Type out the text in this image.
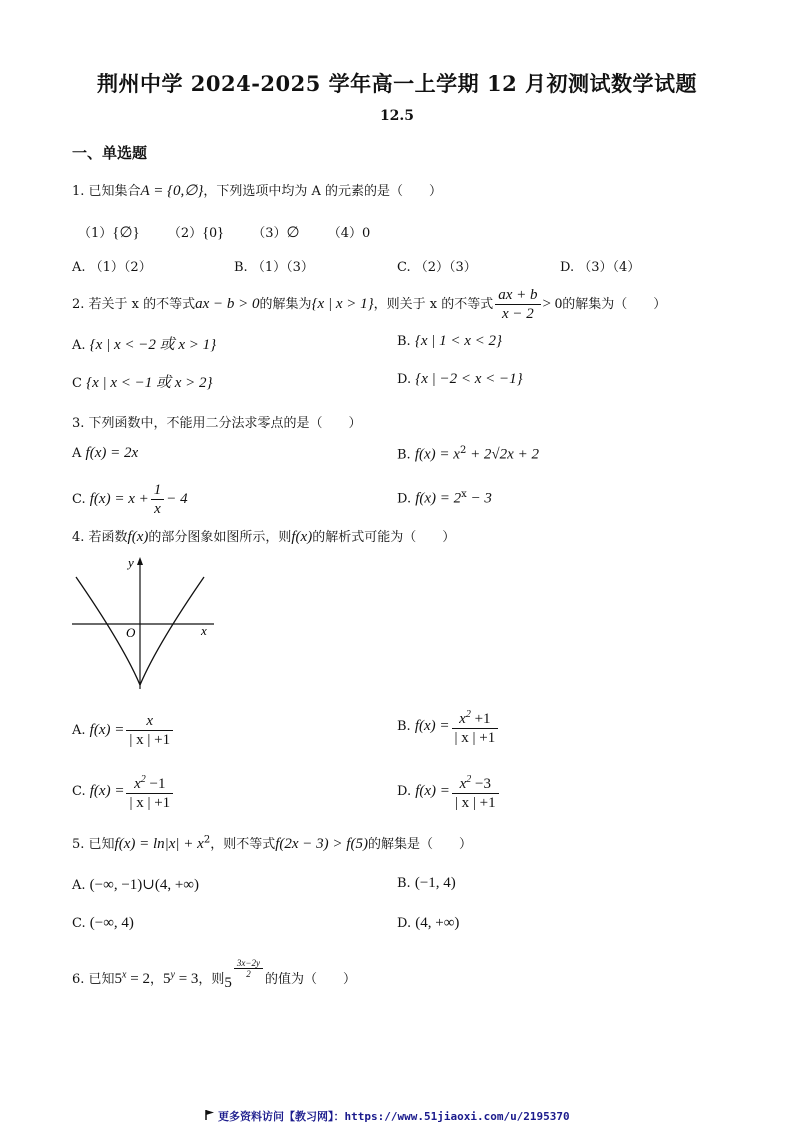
荆州中学 2024-2025 学年高一上学期 12 月初测试数学试题
12.5
一、单选题
1. 已知集合A = {0,∅}，下列选项中均为 A 的元素的是（　　）
（1）{∅} （2）{0} （3）∅ （4）0
A. （1）（2）	B. （1）（3）	C. （2）（3）	D. （3）（4）
2. 若关于 x 的不等式ax − b > 0的解集为{x | x > 1}，则关于 x 的不等式 $\frac{ax + b}{x - 2} > 0$的解集为（　　）
A. {x | x < −2 或 x > 1}	B. {x | 1 < x < 2}
C {x | x < −1 或 x > 2}	D. {x | −2 < x < −1}
3. 下列函数中，不能用二分法求零点的是（　　）
A f(x) = 2x	B. $f(x) = x^2 + 2√2x + 2$
C. $f(x) = x + \frac{1}{x} - 4$	D. $f(x) = 2^x - 3$
4. 若函数f(x)的部分图象如图所示，则f(x)的解析式可能为（　　）
y
x
O
A. $f(x) = \frac{x}{| x | +1}$	B. $f(x) = \frac{x^2 +1}{| x | +1}$
C. $f(x) = \frac{x^2 -1}{| x | +1}$	D. $f(x) = \frac{x^2 -3}{| x | +1}$
5. 已知$f(x) = \ln|x| + x^2$，则不等式f(2x − 3) > f(5)的解集是（　　）
A. (−∞, −1)∪(4, +∞)	B. (−1, 4)
C. (−∞, 4)	D. (4, +∞)
6. 已知$5^x = 2$，$5^y = 3$，则5
$\frac{3x-2y}{2}$
的值为（　　）
更多资料访问【教习网】：https://www.51jiaoxi.com/u/2195370
